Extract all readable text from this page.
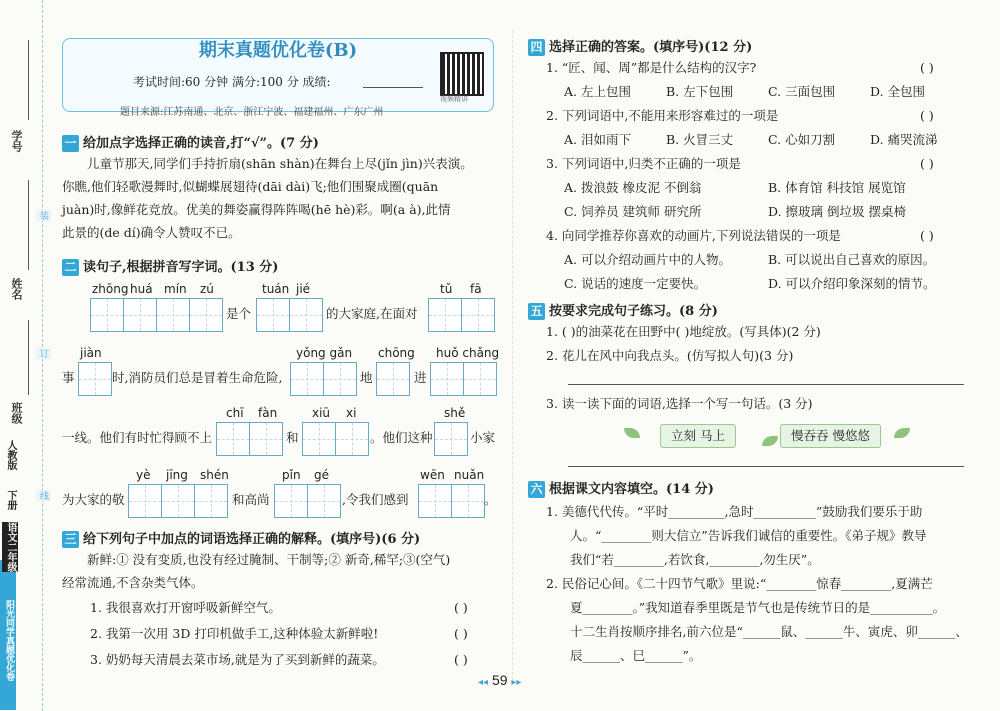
学号
姓名
班级
装
订
线
人教版
下册
语文二年级
阳光同学真题优化卷
期末真题优化卷(B)
考试时间:60 分钟 满分:100 分 成绩:
视频精讲
题目来源:江苏南通、北京、浙江宁波、福建福州、广东广州
一 给加点字选择正确的读音,打“√”。(7 分)
儿童节那天,同学们手持折扇(shān shàn)在舞台上尽(jǐn jìn)兴表演。
你瞧,他们轻歌漫舞时,似蝴蝶展翅待(dāi dài)飞;他们围聚成圈(quān
juàn)时,像鲜花竞放。优美的舞姿赢得阵阵喝(hē hè)彩。啊(a à),此情
此景的(de dí)确令人赞叹不已。
二 读句子,根据拼音写字词。(13 分)
zhōng huá mín zú
是个
tuán jié
的大家庭,在面对
tǔ fā
事
jiàn
时,消防员们总是冒着生命危险,
yǒng gǎn
地	进
chōng huǒ chǎng
一线。他们有时忙得顾不上
chī fàn
和
xiū xi
。他们这种
shě
小家
为大家的敬
yè jīng shén
和高尚
pǐn gé
,令我们感到
wēn nuǎn
。
三 给下列句子中加点的词语选择正确的解释。(填序号)(6 分)
新鲜:① 没有变质,也没有经过腌制、干制等;② 新奇,稀罕;③(空气)
经常流通,不含杂类气体。
1. 我很喜欢打开窗呼吸新鲜空气。	( )
2. 我第一次用 3D 打印机做手工,这种体验太新鲜啦!	( )
3. 奶奶每天清晨去菜市场,就是为了买到新鲜的蔬菜。	( )
四 选择正确的答案。(填序号)(12 分)
1. “匠、闻、周”都是什么结构的汉字?	( )
A. 左上包围	B. 左下包围	C. 三面包围	D. 全包围
2. 下列词语中,不能用来形容难过的一项是	( )
A. 泪如雨下	B. 火冒三丈	C. 心如刀割	D. 痛哭流涕
3. 下列词语中,归类不正确的一项是	( )
A. 拨浪鼓 橡皮泥 不倒翁	B. 体育馆 科技馆 展览馆
C. 饲养员 建筑师 研究所	D. 擦玻璃 倒垃圾 摆桌椅
4. 向同学推荐你喜欢的动画片,下列说法错误的一项是	( )
A. 可以介绍动画片中的人物。	B. 可以说出自己喜欢的原因。
C. 说话的速度一定要快。	D. 可以介绍印象深刻的情节。
五 按要求完成句子练习。(8 分)
1. ( )的油菜花在田野中( )地绽放。(写具体)(2 分)
2. 花儿在风中向我点头。(仿写拟人句)(3 分)
3. 读一读下面的词语,选择一个写一句话。(3 分)
立刻 马上	慢吞吞 慢悠悠
六 根据课文内容填空。(14 分)
1. 美德代代传。“平时_________,急时__________”鼓励我们要乐于助
人。“________则大信立”告诉我们诚信的重要性。《弟子规》教导
我们“若________,若饮食,________,勿生厌”。
2. 民俗记心间。《二十四节气歌》里说:“________惊春________,夏满芒
夏________。”我知道春季里既是节气也是传统节日的是__________。
十二生肖按顺序排名,前六位是“______鼠、______牛、寅虎、卯______、
辰______、巳______”。
◂◂ 59 ▸▸
